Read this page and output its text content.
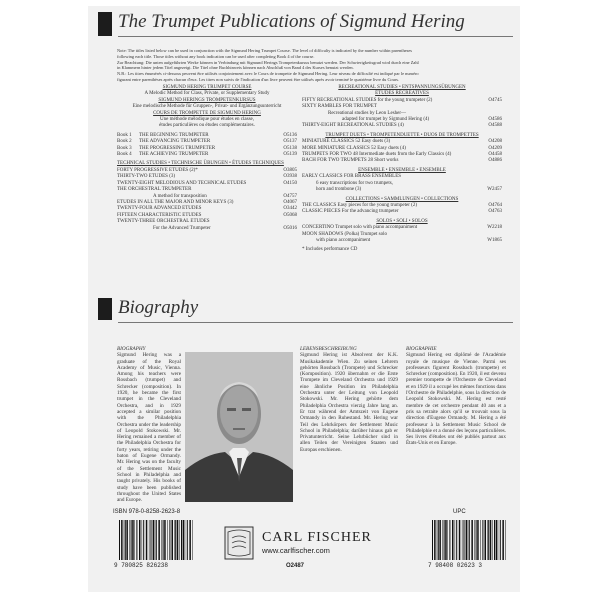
The Trumpet Publications of Sigmund Hering
Note: The titles listed below can be used in conjunction with the Sigmund Hering Trumpet Course. The level of difficulty is indicated by the number within parentheses
following each title. Those titles without any book indication can be used after completing Book 4 of the course.
Zur Beachtung: Die unten aufgeführten Werke können in Verbindung mit Sigmund Herings Trompetenkursus benutzt werden. Der Schwierigkeitsgrad wird durch eine Zahl
in Klammern hinter jedem Titel angezeigt. Die Titel ohne Buchhinweis können nach Abschluß von Band 4 des Kurses benutzt werden.
N.B.: Les titres énumérés ci-dessous peuvent être utilisés conjointement avec le Cours de trompette de Sigmund Hering. Leur niveau de difficulté est indiqué par le numéro
figurant entre parenthèses après chacun d'eux. Les titres non suivis de l'indication d'un livre peuvent être utilisés après avoir terminé le quatrième livre du Cours.
SIGMUND HERING TRUMPET COURSE
A Melodic Method for Class, Private, or Supplementary Study
SIGMUND HERINGS TROMPETENKURSUS
Eine melodische Methode für Gruppen-, Privat- und Ergänzungsunterricht
COURS DE TROMPETTE DE SIGMUND HERING
Une méthode mélodique pour études en classe,
études particulières ou études complémentaires.
Book 1 THE BEGINNING TRUMPETER	O5136
Book 2 THE ADVANCING TRUMPETER	O5137
Book 3 THE PROGRESSING TRUMPETER	O5138
Book 4 THE ACHIEVING TRUMPETER	O5139
TECHNICAL STUDIES • TECHNISCHE ÜBUNGEN • ÉTUDES TECHNIQUES
FORTY PROGRESSIVE ETUDES (2)*	O3805
THIRTY-TWO ETUDES (3)	O3938
TWENTY-EIGHT MELODIOUS AND TECHNICAL ETUDES	O4150
THE ORCHESTRAL TRUMPETER
A method for transposition	O4757
ETUDES IN ALL THE MAJOR AND MINOR KEYS (3)	O4067
TWENTY-FOUR ADVANCED ETUDES	O3442
FIFTEEN CHARACTERISTIC ETUDES	O5068
TWENTY-THREE ORCHESTRAL ETUDES
For the Advanced Trumpeter	O5016
RECREATIONAL STUDIES • ENTSPANNUNGSÜBUNGEN
ÉTUDES RÉCRÉATIVES
FIFTY RECREATIONAL STUDIES for the young trumpeter (2)	O4745
SIXTY RAMBLES FOR TRUMPET
Recreational studies by Leon Lesher—
adapted for trumpet by Sigmund Hering (4)	O4586
THIRTY-EIGHT RECREATIONAL STUDIES (4)	O4588
TRUMPET DUETS • TROMPETENDUETTE • DUOS DE TROMPETTES
MINIATURE CLASSICS 52 Easy duets (3)	O4208
MORE MINIATURE CLASSICS 52 Easy duets (4)	O4209
TRUMPETS FOR TWO 48 Intermediate duets from the Early Classics (4)	O4458
BACH FOR TWO TRUMPETS 28 Short works	O4886
ENSEMBLE • ENSEMBLE • ENSEMBLE
EARLY CLASSICS FOR BRASS ENSEMBLES
6 easy transcriptions for two trumpets,
horn and trombone (3)	W2457
COLLECTIONS • SAMMLUNGEN • COLLECTIONS
THE CLASSICS Easy pieces for the young trumpeter (2)	O4764
CLASSIC PIECES For the advancing trumpeter	O4763
SOLOS • SOLI • SOLOS
CONCERTINO Trumpet solo with piano accompaniment	W2218
MOON SHADOWS (Polka) Trumpet solo
with piano accompaniment	W1865
* Includes performance CD
Biography
BIOGRAPHY
Sigmund Hering was a graduate of the Royal Academy of Music, Vienna. Among his teachers were Rossbach (trumpet) and Schrecker (composition). In 1920, he became the first trumpet in the Cleveland Orchestra, and in 1929 accepted a similar position with the Philadelphia Orchestra under the leadership of Leopold Stokowski. Mr. Hering remained a member of the Philadelphia Orchestra for forty years, retiring under the baton of Eugene Ormandy. Mr. Hering was on the faculty of the Settlement Music School in Philadelphia and taught privately. His books of study have been published throughout the United States and Europe.
LEBENSBESCHREIBUNG
Sigmund Hering ist Absolvent der K.K. Musikakademie Wien. Zu seinen Lehrern gehörten Rossbach (Trompete) und Schrecker (Komposition). 1920 übernahm er die Erste Trompete im Cleveland Orchestra und 1929 eine ähnliche Position im Philadelphia Orchestra unter der Leitung von Leopold Stokowski. Mr. Hering gehörte dem Philadelphia Orchestra vierzig Jahre lang an. Er trat während der Amtszeit von Eugene Ormandy in den Ruhestand. Mr. Hering war Teil des Lehrkörpers der Settlement Music School in Philadelphia; darüber hinaus gab er Privatunterricht. Seine Lehrbücher sind in allen Teilen der Vereinigten Staaten und Europas erschienen.
BIOGRAPHIE
Sigmund Hering est diplômé de l'Académie royale de musique de Vienne. Parmi ses professeurs figurent Rossbach (trompette) et Schrecker (composition). En 1920, il est devenu premier trompette de l'Orchestre de Cleveland et en 1929 il a occupé les mêmes fonctions dans l'Orchestre de Philadelphie, sous la direction de Leopold Stokowski. M. Hering est resté membre de cet orchestre pendant 40 ans et a pris sa retraite alors qu'il se trouvait sous la direction d'Eugene Ormandy. M. Hering a été professeur à la Settlement Music School de Philadelphie et a donné des leçons particulières. Ses livres d'études ont été publiés partout aux États-Unis et en Europe.
ISBN 978-0-8258-2623-8	UPC
9 780825 826238
CARL FISCHER
www.carlfischer.com
O2487	7 98408 02623 3
